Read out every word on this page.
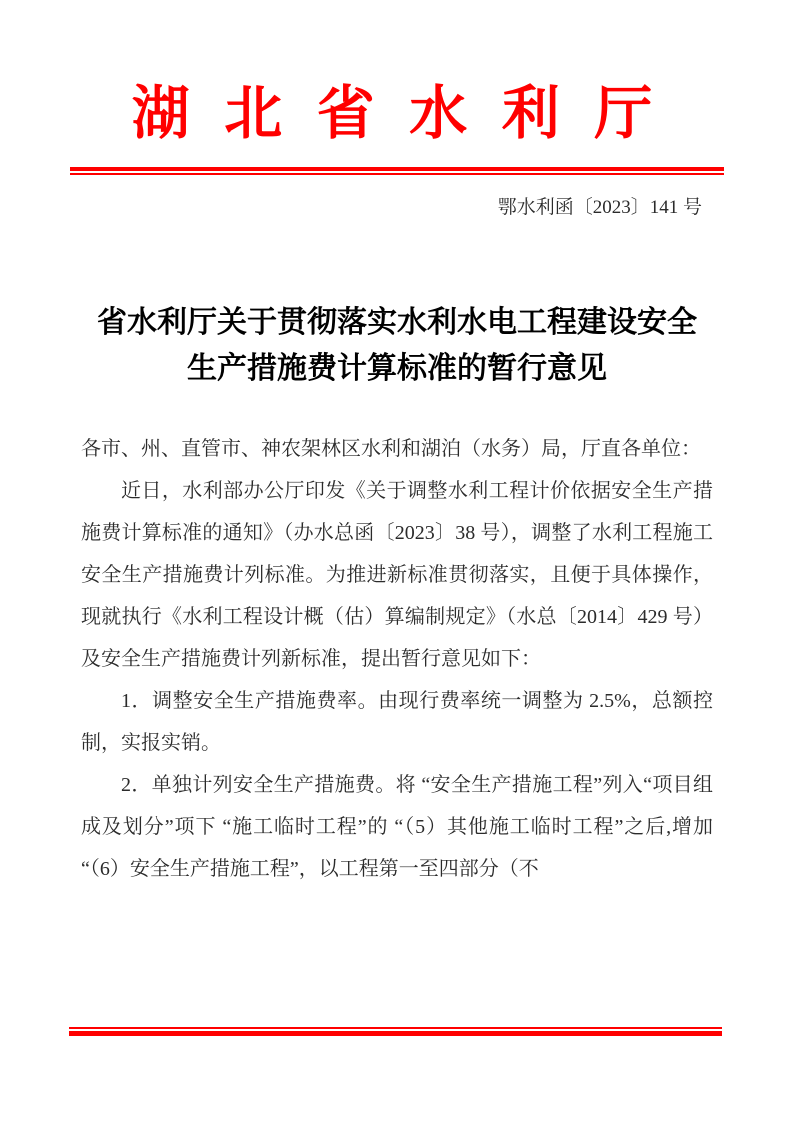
湖 北 省 水 利 厅
鄂水利函〔2023〕141 号
省水利厅关于贯彻落实水利水电工程建设安全
生产措施费计算标准的暂行意见

各市、州、直管市、神农架林区水利和湖泊（水务）局，厅直各单位：

近日，水利部办公厅印发《关于调整水利工程计价依据安全生产措施费计算标准的通知》（办水总函〔2023〕38 号），调整了水利工程施工安全生产措施费计列标准。为推进新标准贯彻落实，且便于具体操作，现就执行《水利工程设计概（估）算编制规定》（水总〔2014〕429 号）及安全生产措施费计列新标准，提出暂行意见如下：

1．调整安全生产措施费率。由现行费率统一调整为 2.5%，总额控制，实报实销。

2．单独计列安全生产措施费。将 “安全生产措施工程”列入“项目组成及划分”项下 “施工临时工程”的 “（5）其他施工临时工程”之后,增加 “（6）安全生产措施工程”，以工程第一至四部分（不
